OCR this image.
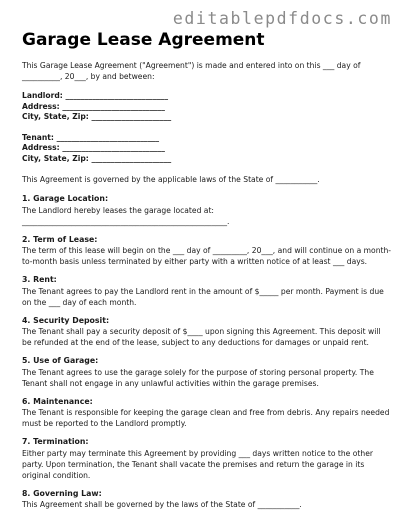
editablepdfdocs.com
Garage Lease Agreement

This Garage Lease Agreement ("Agreement") is made and entered into on this ___ day of __________, 20___, by and between:

Landlord: ___________________________

Address: ___________________________

City, State, Zip: _____________________

Tenant: ___________________________

Address: ___________________________

City, State, Zip: _____________________

This Agreement is governed by the applicable laws of the State of ___________.

1. Garage Location:

The Landlord hereby leases the garage located at:

______________________________________________________.

2. Term of Lease:

The term of this lease will begin on the ___ day of _________, 20___, and will continue on a month-to-month basis unless terminated by either party with a written notice of at least ___ days.

3. Rent:

The Tenant agrees to pay the Landlord rent in the amount of $_____ per month. Payment is due on the ___ day of each month.

4. Security Deposit:

The Tenant shall pay a security deposit of $____ upon signing this Agreement. This deposit will be refunded at the end of the lease, subject to any deductions for damages or unpaid rent.

5. Use of Garage:

The Tenant agrees to use the garage solely for the purpose of storing personal property. The Tenant shall not engage in any unlawful activities within the garage premises.

6. Maintenance:

The Tenant is responsible for keeping the garage clean and free from debris. Any repairs needed must be reported to the Landlord promptly.

7. Termination:

Either party may terminate this Agreement by providing ___ days written notice to the other party. Upon termination, the Tenant shall vacate the premises and return the garage in its original condition.

8. Governing Law:

This Agreement shall be governed by the laws of the State of ___________.
